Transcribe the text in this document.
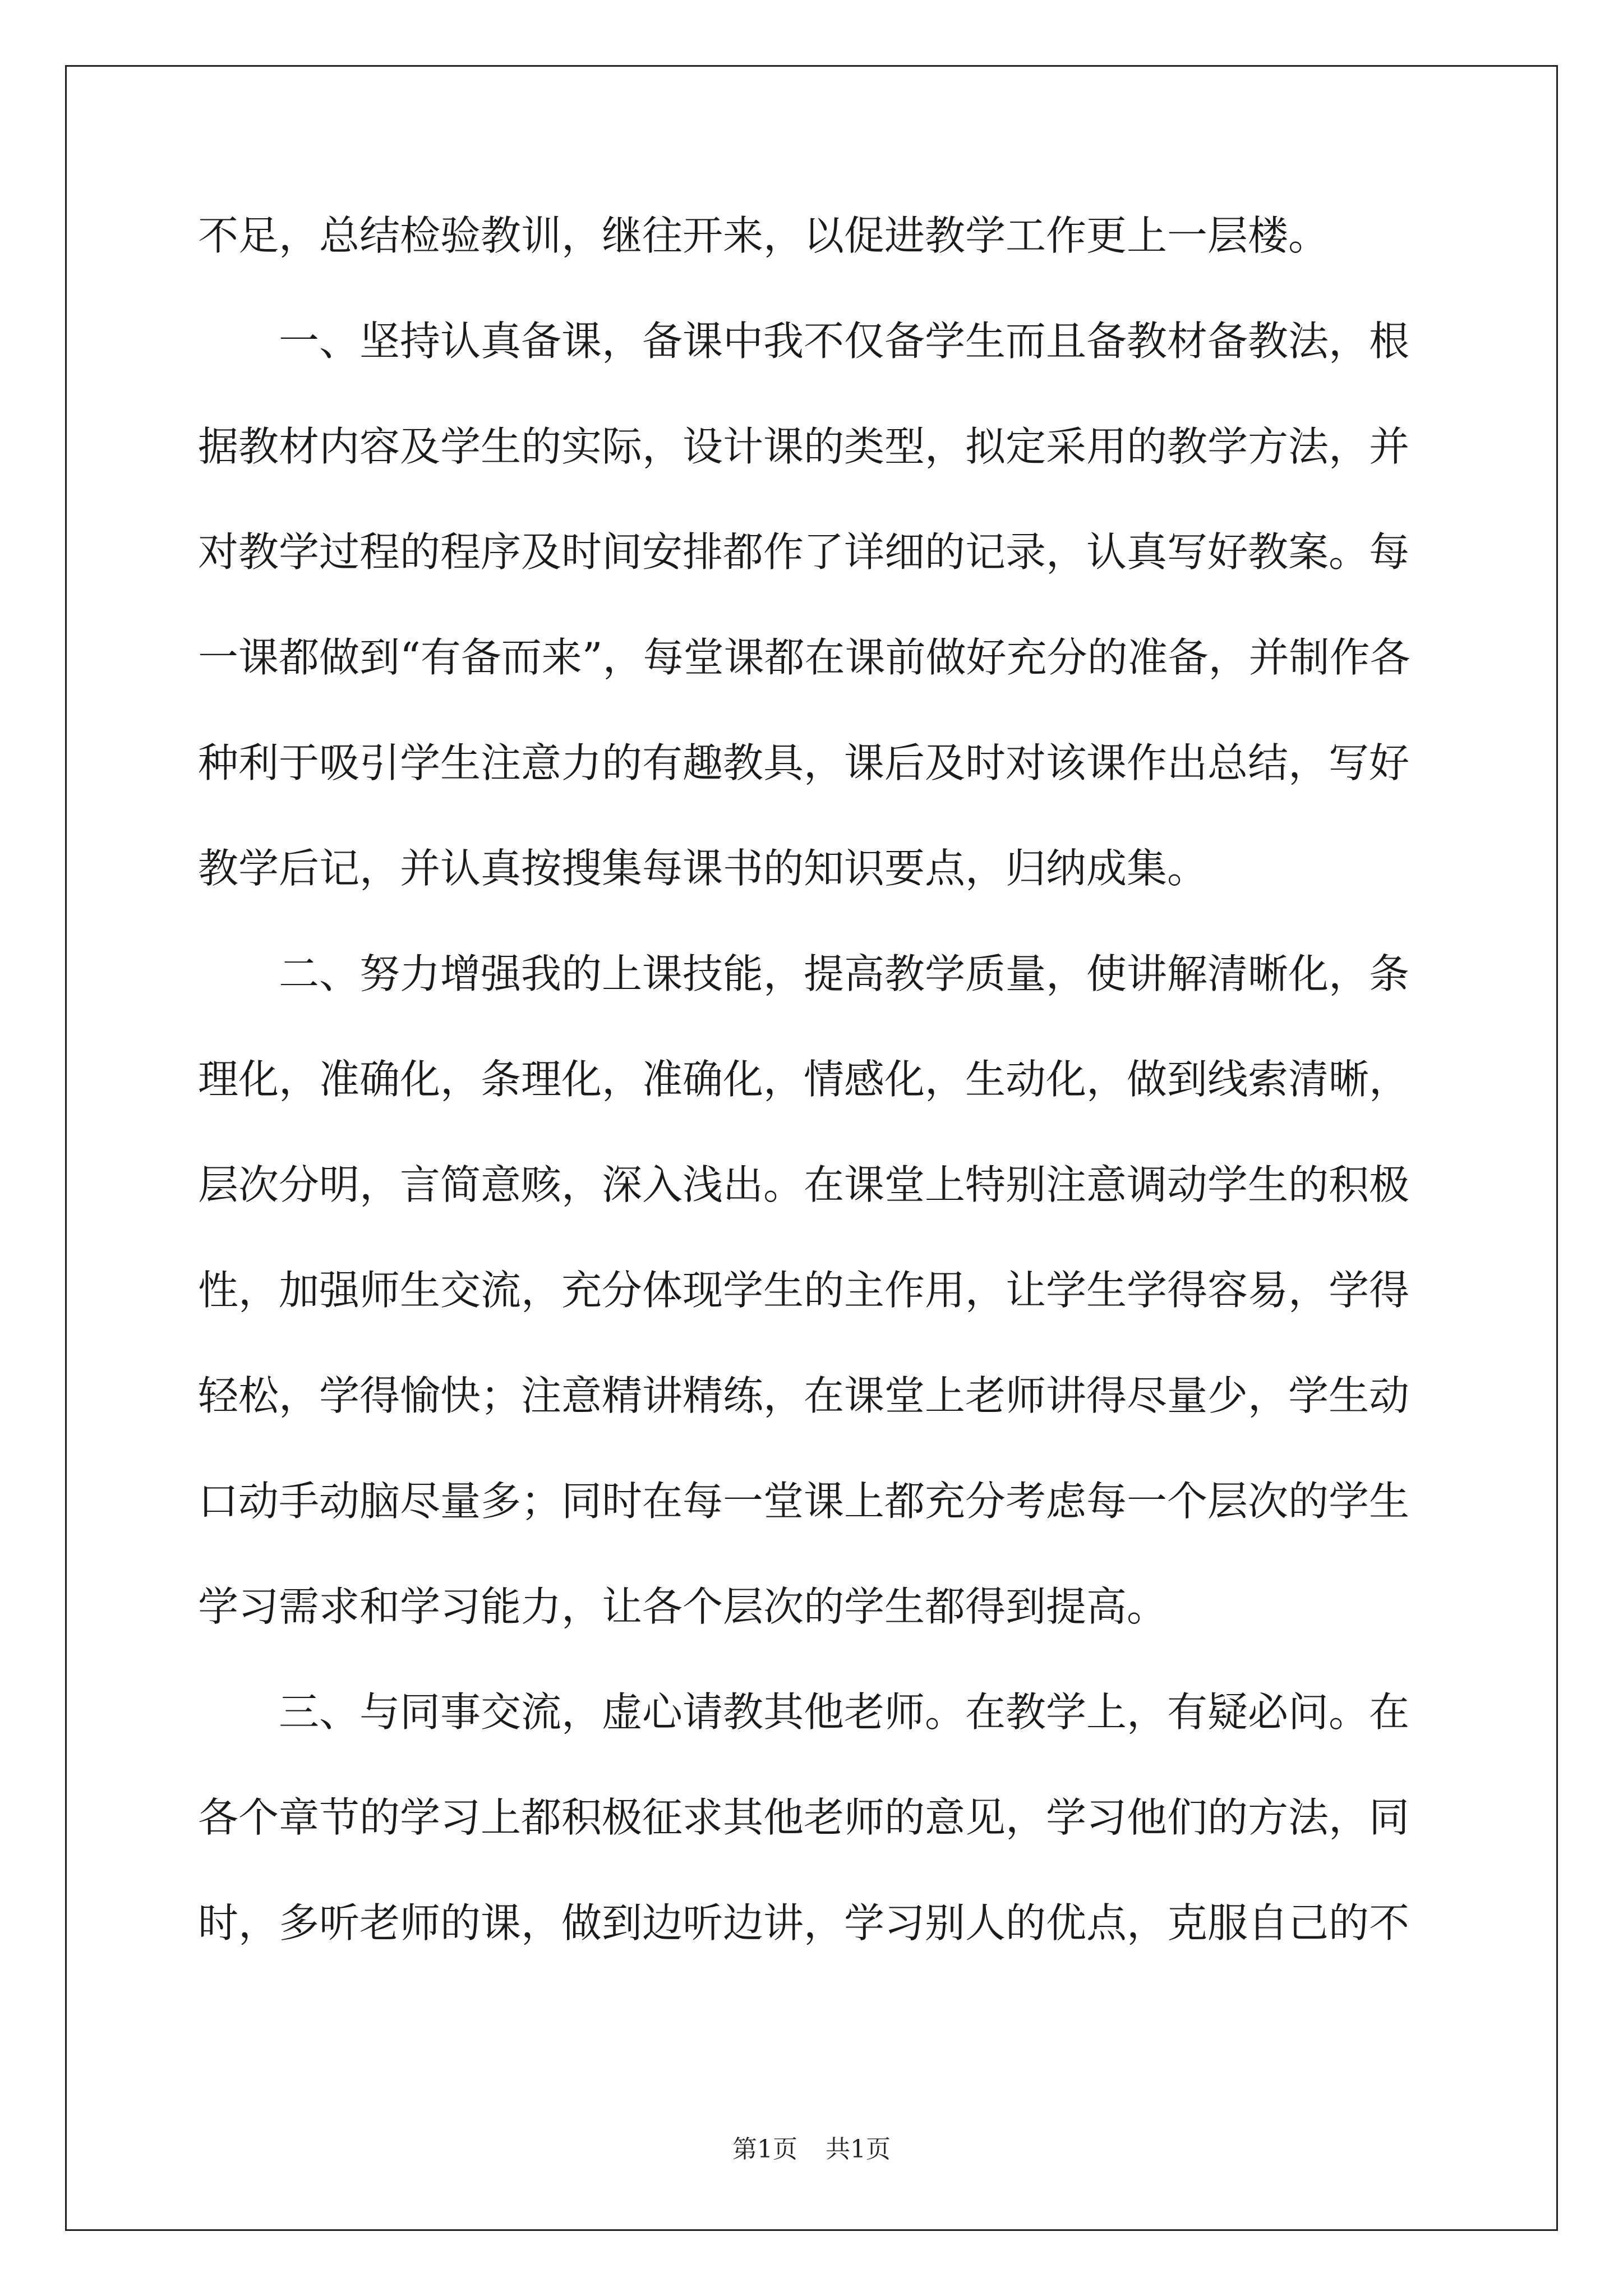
不足，总结检验教训，继往开来，以促进教学工作更上一层楼。
　　一、坚持认真备课，备课中我不仅备学生而且备教材备教法，根
据教材内容及学生的实际，设计课的类型，拟定采用的教学方法，并
对教学过程的程序及时间安排都作了详细的记录，认真写好教案。每
一课都做到“有备而来”，每堂课都在课前做好充分的准备，并制作各
种利于吸引学生注意力的有趣教具，课后及时对该课作出总结，写好
教学后记，并认真按搜集每课书的知识要点，归纳成集。
　　二、努力增强我的上课技能，提高教学质量，使讲解清晰化，条
理化，准确化，条理化，准确化，情感化，生动化，做到线索清晰，
层次分明，言简意赅，深入浅出。在课堂上特别注意调动学生的积极
性，加强师生交流，充分体现学生的主作用，让学生学得容易，学得
轻松，学得愉快；注意精讲精练，在课堂上老师讲得尽量少，学生动
口动手动脑尽量多；同时在每一堂课上都充分考虑每一个层次的学生
学习需求和学习能力，让各个层次的学生都得到提高。
　　三、与同事交流，虚心请教其他老师。在教学上，有疑必问。在
各个章节的学习上都积极征求其他老师的意见，学习他们的方法，同
时，多听老师的课，做到边听边讲，学习别人的优点，克服自己的不
第1页 共1页
